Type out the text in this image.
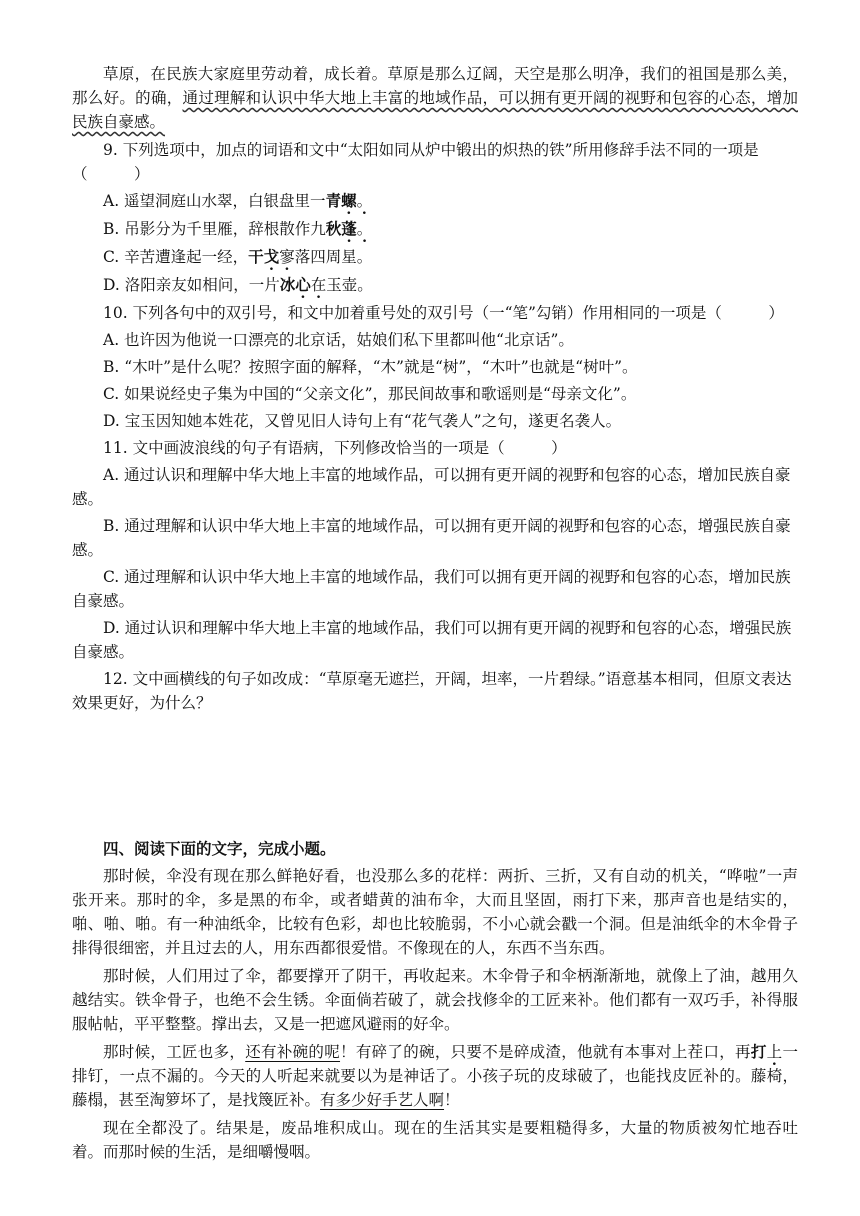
草原，在民族大家庭里劳动着，成长着。草原是那么辽阔，天空是那么明净，我们的祖国是那么美，那么好。的确，通过理解和认识中华大地上丰富的地域作品，可以拥有更开阔的视野和包容的心态，增加民族自豪感。

9. 下列选项中，加点的词语和文中“太阳如同从炉中锻出的炽热的铁”所用修辞手法不同的一项是（　　　）

A. 遥望洞庭山水翠，白银盘里一青螺。

B. 吊影分为千里雁，辞根散作九秋蓬。

C. 辛苦遭逢起一经，干戈寥落四周星。

D. 洛阳亲友如相问，一片冰心在玉壶。

10. 下列各句中的双引号，和文中加着重号处的双引号（一“笔”勾销）作用相同的一项是（　　　）

A. 也许因为他说一口漂亮的北京话，姑娘们私下里都叫他“北京话”。

B. “木叶”是什么呢？按照字面的解释，“木”就是“树”，“木叶”也就是“树叶”。

C. 如果说经史子集为中国的“父亲文化”，那民间故事和歌谣则是“母亲文化”。

D. 宝玉因知她本姓花，又曾见旧人诗句上有“花气袭人”之句，遂更名袭人。

11. 文中画波浪线的句子有语病，下列修改恰当的一项是（　　　）

A. 通过认识和理解中华大地上丰富的地域作品，可以拥有更开阔的视野和包容的心态，增加民族自豪感。

B. 通过理解和认识中华大地上丰富的地域作品，可以拥有更开阔的视野和包容的心态，增强民族自豪感。

C. 通过理解和认识中华大地上丰富的地域作品，我们可以拥有更开阔的视野和包容的心态，增加民族自豪感。

D. 通过认识和理解中华大地上丰富的地域作品，我们可以拥有更开阔的视野和包容的心态，增强民族自豪感。

12. 文中画横线的句子如改成：“草原毫无遮拦，开阔，坦率，一片碧绿。”语意基本相同，但原文表达效果更好，为什么？

四、阅读下面的文字，完成小题。

那时候，伞没有现在那么鲜艳好看，也没那么多的花样：两折、三折，又有自动的机关，“哗啦”一声张开来。那时的伞，多是黑的布伞，或者蜡黄的油布伞，大而且坚固，雨打下来，那声音也是结实的，啪、啪、啪。有一种油纸伞，比较有色彩，却也比较脆弱，不小心就会戳一个洞。但是油纸伞的木伞骨子排得很细密，并且过去的人，用东西都很爱惜。不像现在的人，东西不当东西。

那时候，人们用过了伞，都要撑开了阴干，再收起来。木伞骨子和伞柄渐渐地，就像上了油，越用久越结实。铁伞骨子，也绝不会生锈。伞面倘若破了，就会找修伞的工匠来补。他们都有一双巧手，补得服服帖帖，平平整整。撑出去，又是一把遮风避雨的好伞。

那时候，工匠也多，还有补碗的呢！有碎了的碗，只要不是碎成渣，他就有本事对上茬口，再打上一排钉，一点不漏的。今天的人听起来就要以为是神话了。小孩子玩的皮球破了，也能找皮匠补的。藤椅，藤榻，甚至淘箩坏了，是找篾匠补。有多少好手艺人啊！

现在全都没了。结果是，废品堆积成山。现在的生活其实是要粗糙得多，大量的物质被匆忙地吞吐着。而那时候的生活，是细嚼慢咽。
